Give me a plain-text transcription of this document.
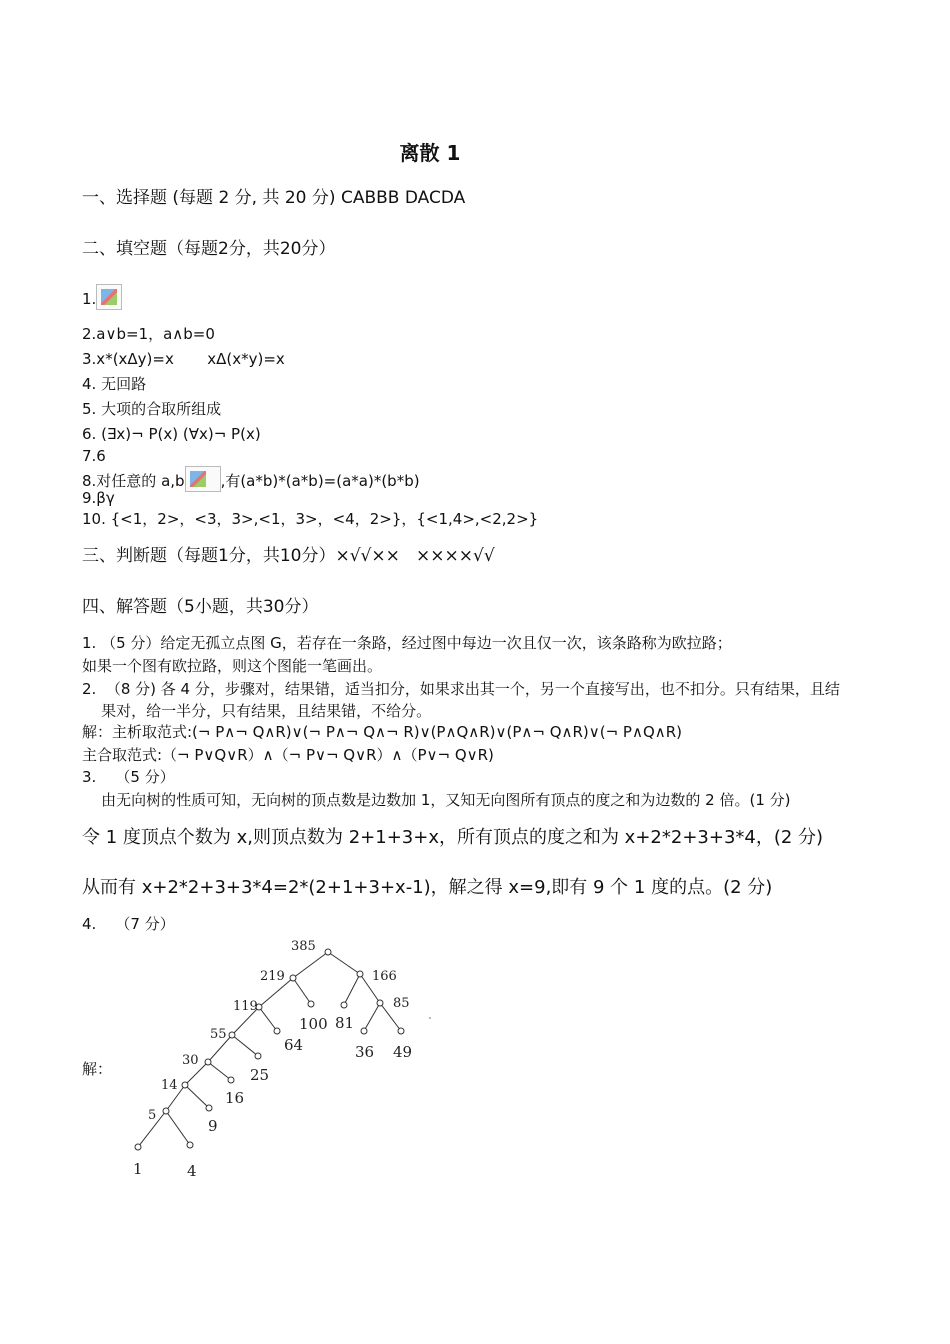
离散 1
一、选择题 (每题 2 分, 共 20 分) CABBB DACDA
二、填空题（每题2分，共20分）
1.
2.a∨b=1，a∧b=0
3.x*(xΔy)=x       xΔ(x*y)=x
4. 无回路
5. 大项的合取所组成
6. (∃x)¬ P(x) (∀x)¬ P(x)
7.6
8.对任意的 a,b ,有(a*b)*(a*b)=(a*a)*(b*b)
9.βγ
10. {<1，2>，<3，3>,<1，3>，<4，2>}，{<1,4>,<2,2>}
三、判断题（每题1分，共10分）×√√××   ××××√√
四、解答题（5小题，共30分）
1. （5 分）给定无孤立点图 G，若存在一条路，经过图中每边一次且仅一次，该条路称为欧拉路；
如果一个图有欧拉路，则这个图能一笔画出。
2.  （8 分) 各 4 分，步骤对，结果错，适当扣分，如果求出其一个，另一个直接写出，也不扣分。只有结果，且结
果对，给一半分，只有结果，且结果错，不给分。
解：主析取范式:(¬ P∧¬ Q∧R)∨(¬ P∧¬ Q∧¬ R)∨(P∧Q∧R)∨(P∧¬ Q∧R)∨(¬ P∧Q∧R)
主合取范式:（¬ P∨Q∨R）∧（¬ P∨¬ Q∨R）∧（P∨¬ Q∨R)
3.    （5 分）
由无向树的性质可知，无向树的顶点数是边数加 1，又知无向图所有顶点的度之和为边数的 2 倍。(1 分)
令 1 度顶点个数为 x,则顶点数为 2+1+3+x，所有顶点的度之和为 x+2*2+3+3*4，(2 分)
从而有 x+2*2+3+3*4=2*(2+1+3+x-1)，解之得 x=9,即有 9 个 1 度的点。(2 分)
4.    （7 分）
解：
385
219	166
119
100 81
85
55
64	36 49
30
25
14
16
5
9
1	4
